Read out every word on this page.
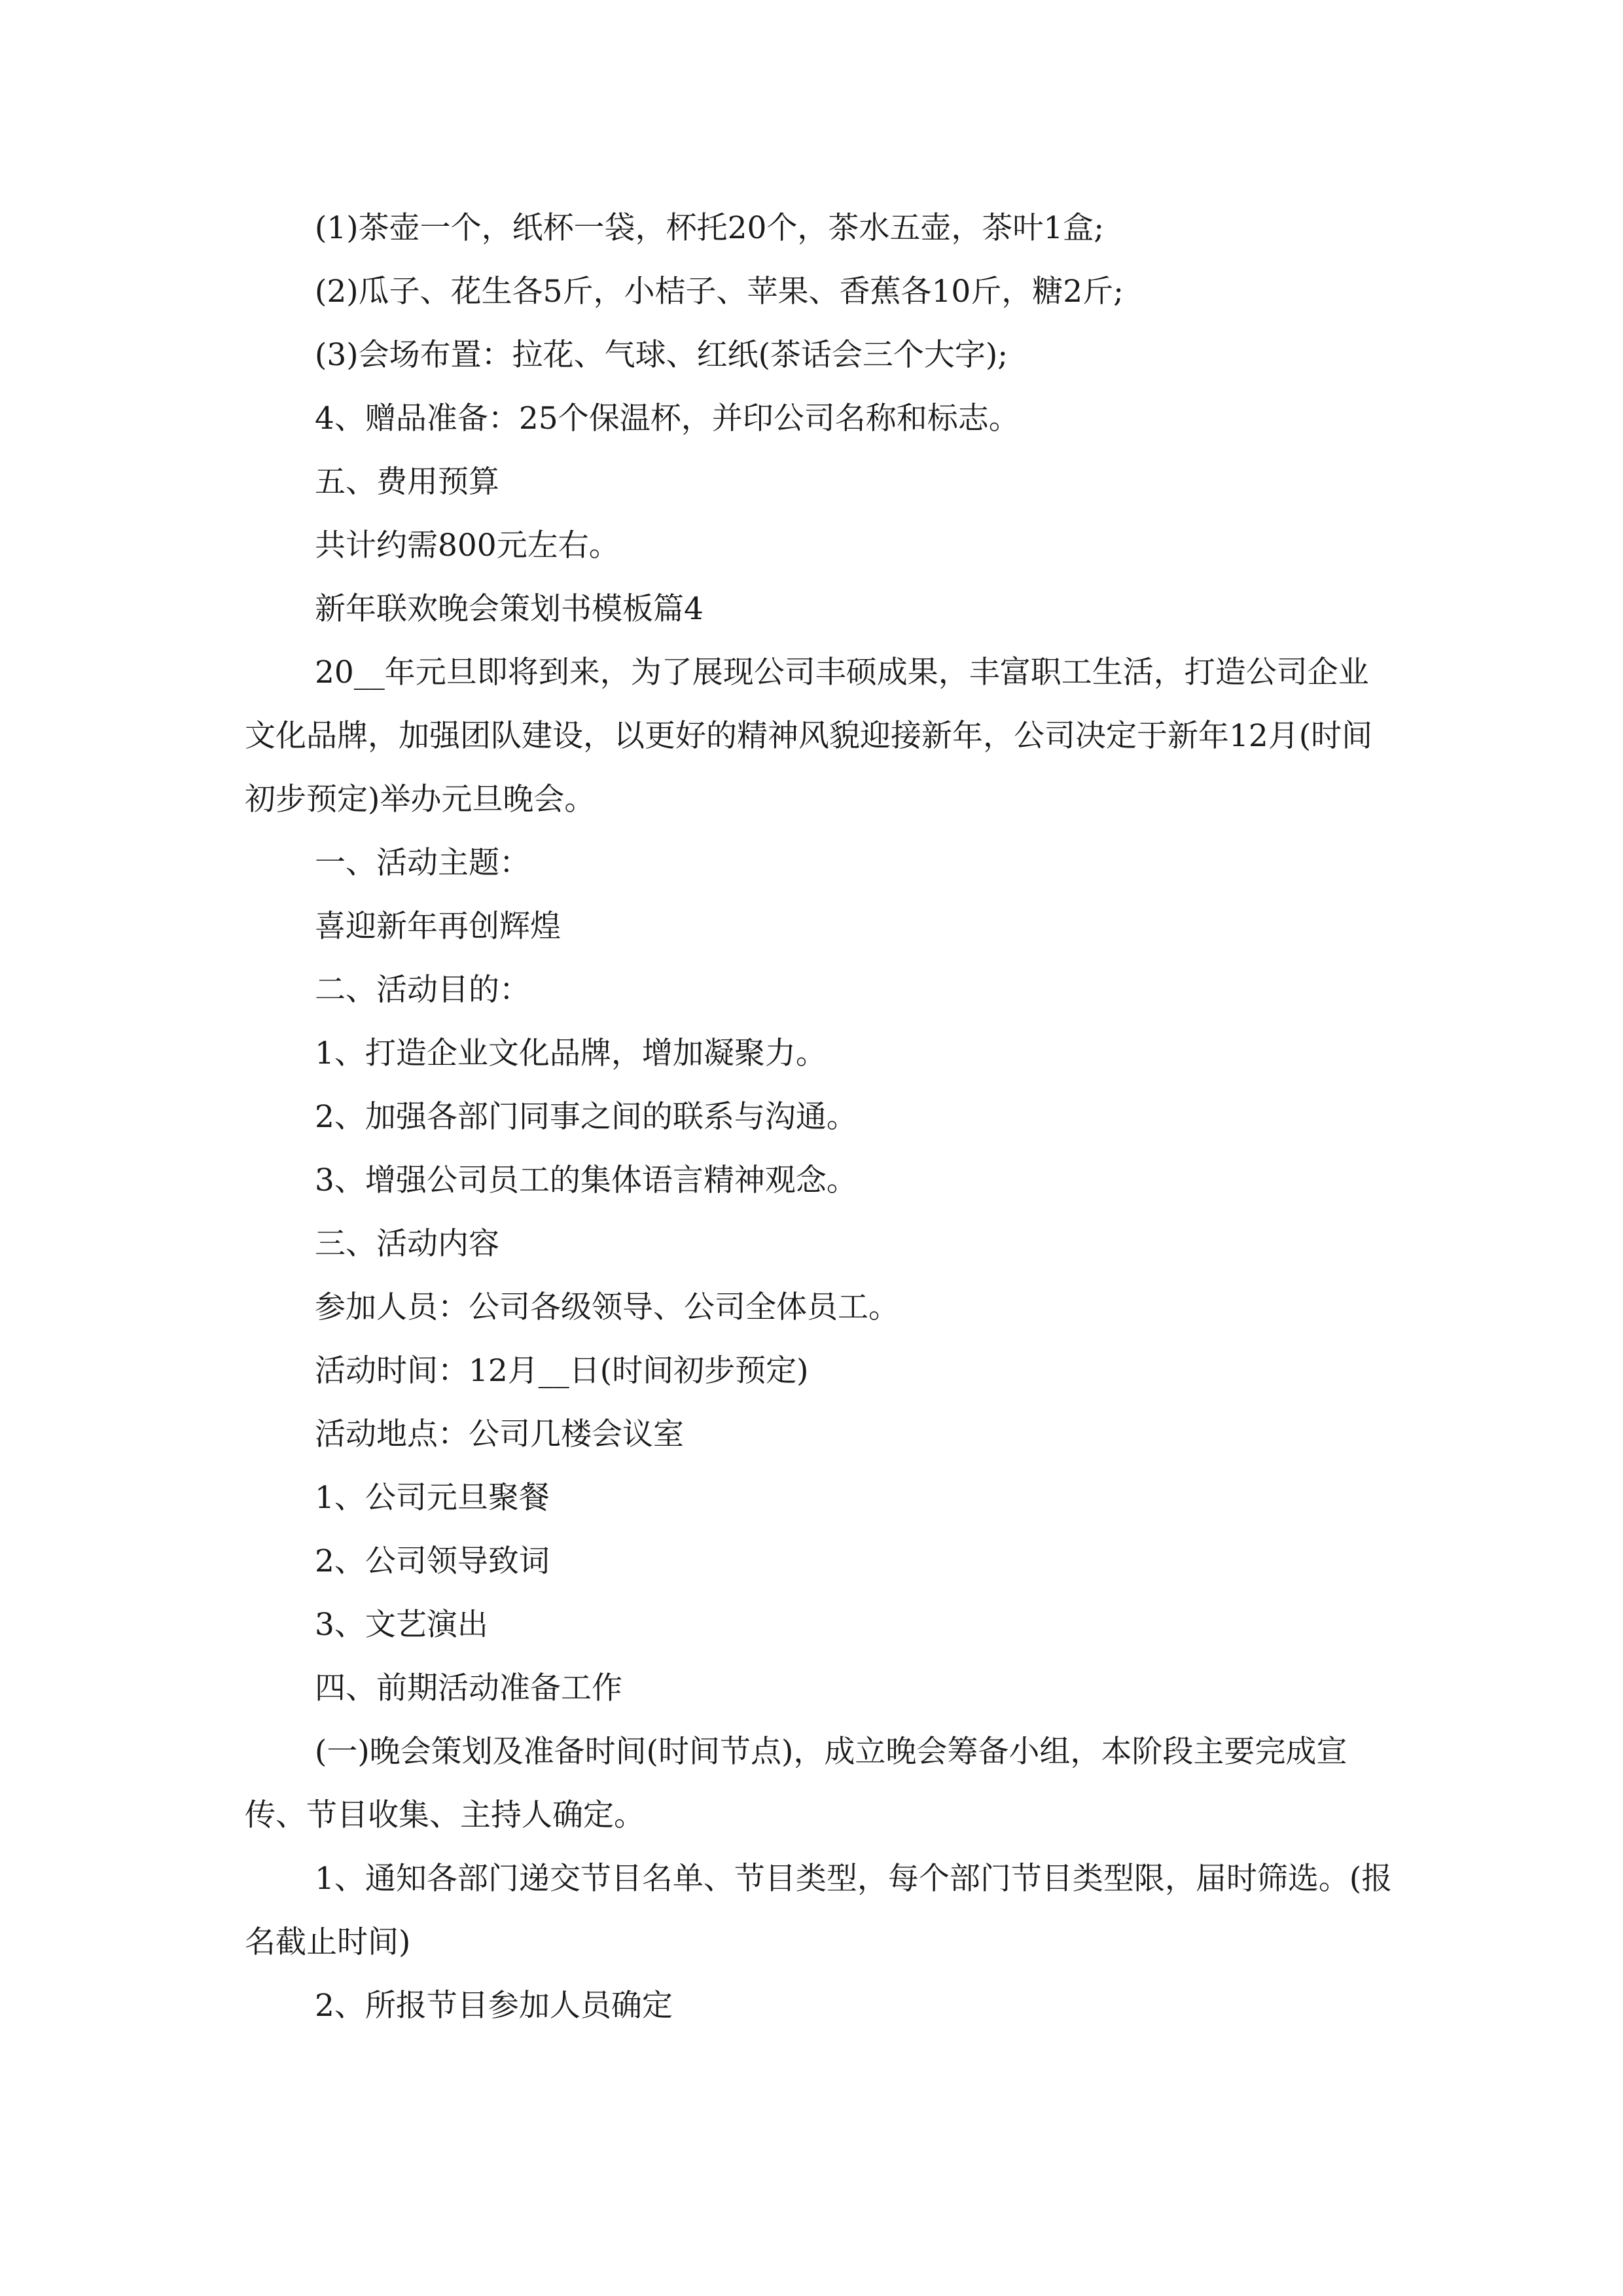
(1)茶壶一个，纸杯一袋，杯托20个，茶水五壶，茶叶1盒;

(2)瓜子、花生各5斤，小桔子、苹果、香蕉各10斤，糖2斤;

(3)会场布置：拉花、气球、红纸(茶话会三个大字);

4、赠品准备：25个保温杯，并印公司名称和标志。

五、费用预算

共计约需800元左右。

新年联欢晚会策划书模板篇4

20__年元旦即将到来，为了展现公司丰硕成果，丰富职工生活，打造公司企业文化品牌，加强团队建设，以更好的精神风貌迎接新年，公司决定于新年12月(时间初步预定)举办元旦晚会。

一、活动主题：

喜迎新年再创辉煌

二、活动目的：

1、打造企业文化品牌，增加凝聚力。

2、加强各部门同事之间的联系与沟通。

3、增强公司员工的集体语言精神观念。

三、活动内容

参加人员：公司各级领导、公司全体员工。

活动时间：12月__日(时间初步预定)

活动地点：公司几楼会议室

1、公司元旦聚餐

2、公司领导致词

3、文艺演出

四、前期活动准备工作

(一)晚会策划及准备时间(时间节点)，成立晚会筹备小组，本阶段主要完成宣传、节目收集、主持人确定。

1、通知各部门递交节目名单、节目类型，每个部门节目类型限，届时筛选。(报名截止时间)

2、所报节目参加人员确定
